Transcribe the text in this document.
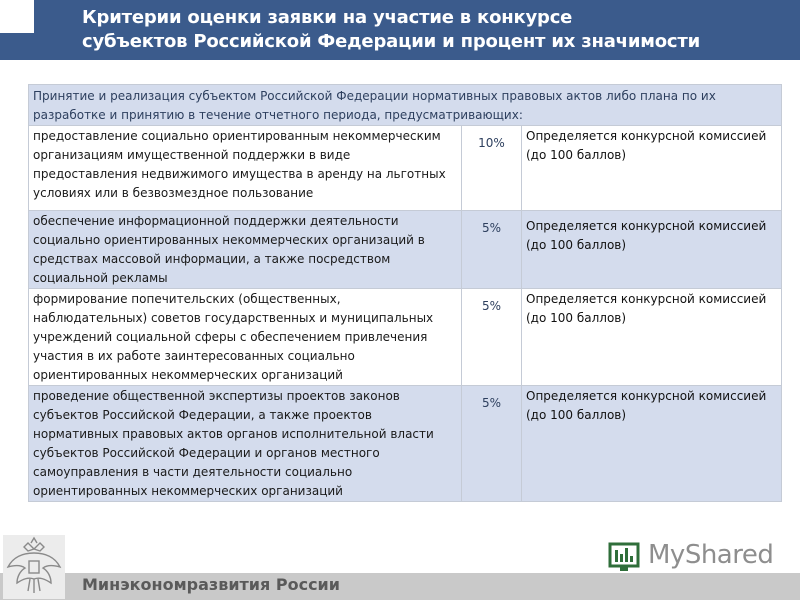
Критерии оценки заявки на участие в конкурсе
субъектов Российской Федерации и процент их значимости
Принятие и реализация субъектом Российской Федерации нормативных правовых актов либо плана по их разработке и принятию в течение отчетного периода, предусматривающих:		
предоставление социально ориентированным некоммерческим организациям имущественной поддержки в виде предоставления недвижимого имущества в аренду на льготных условиях или в безвозмездное пользование	10%	Определяется конкурсной комиссией (до 100 баллов)
обеспечение информационной поддержки деятельности социально ориентированных некоммерческих организаций в средствах массовой информации, а также посредством социальной рекламы	5%	Определяется конкурсной комиссией (до 100 баллов)
формирование попечительских (общественных, наблюдательных) советов государственных и муниципальных учреждений социальной сферы с обеспечением привлечения участия в их работе заинтересованных социально ориентированных некоммерческих организаций	5%	Определяется конкурсной комиссией (до 100 баллов)
проведение общественной экспертизы проектов законов субъектов Российской Федерации, а также проектов нормативных правовых актов органов исполнительной власти субъектов Российской Федерации и органов местного самоуправления в части деятельности социально ориентированных некоммерческих организаций	5%	Определяется конкурсной комиссией (до 100 баллов)
Минэкономразвития России
MyShared
